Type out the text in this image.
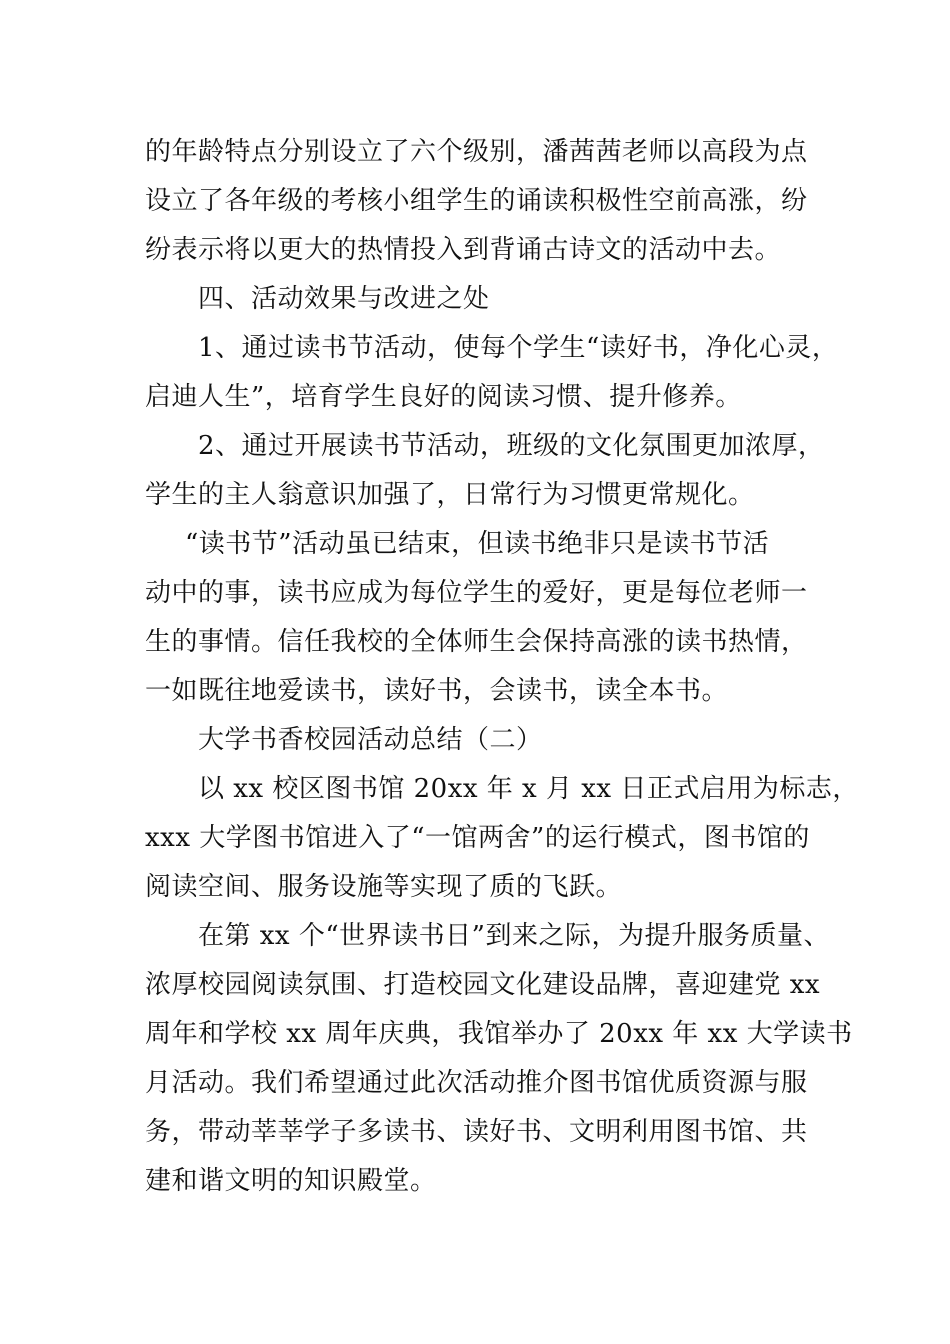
的年龄特点分别设立了六个级别，潘茜茜老师以高段为点
设立了各年级的考核小组学生的诵读积极性空前高涨，纷
纷表示将以更大的热情投入到背诵古诗文的活动中去。
四、活动效果与改进之处
1、通过读书节活动，使每个学生“读好书，净化心灵，
启迪人生”，培育学生良好的阅读习惯、提升修养。
2、通过开展读书节活动，班级的文化氛围更加浓厚，
学生的主人翁意识加强了，日常行为习惯更常规化。
“读书节”活动虽已结束，但读书绝非只是读书节活
动中的事，读书应成为每位学生的爱好，更是每位老师一
生的事情。信任我校的全体师生会保持高涨的读书热情，
一如既往地爱读书，读好书，会读书，读全本书。
大学书香校园活动总结（二）
以 xx 校区图书馆 20xx 年 x 月 xx 日正式启用为标志，
xxx 大学图书馆进入了“一馆两舍”的运行模式，图书馆的
阅读空间、服务设施等实现了质的飞跃。
在第 xx 个“世界读书日”到来之际，为提升服务质量、
浓厚校园阅读氛围、打造校园文化建设品牌，喜迎建党 xx
周年和学校 xx 周年庆典，我馆举办了 20xx 年 xx 大学读书
月活动。我们希望通过此次活动推介图书馆优质资源与服
务，带动莘莘学子多读书、读好书、文明利用图书馆、共
建和谐文明的知识殿堂。
